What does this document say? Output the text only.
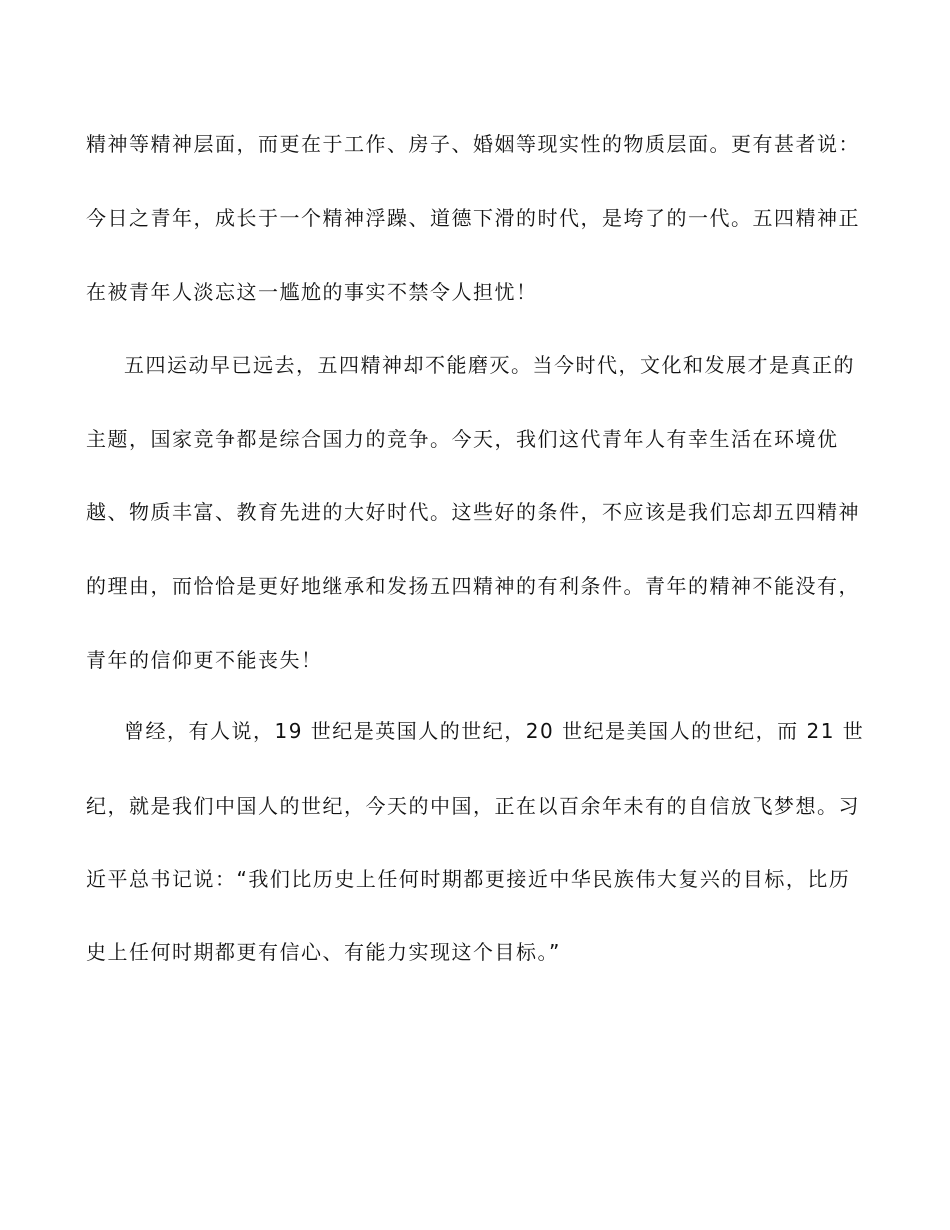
精神等精神层面，而更在于工作、房子、婚姻等现实性的物质层面。更有甚者说：
今日之青年，成长于一个精神浮躁、道德下滑的时代，是垮了的一代。五四精神正
在被青年人淡忘这一尴尬的事实不禁令人担忧！
五四运动早已远去，五四精神却不能磨灭。当今时代，文化和发展才是真正的
主题，国家竞争都是综合国力的竞争。今天，我们这代青年人有幸生活在环境优
越、物质丰富、教育先进的大好时代。这些好的条件，不应该是我们忘却五四精神
的理由，而恰恰是更好地继承和发扬五四精神的有利条件。青年的精神不能没有，
青年的信仰更不能丧失！
曾经，有人说，19 世纪是英国人的世纪，20 世纪是美国人的世纪，而 21 世
纪，就是我们中国人的世纪，今天的中国，正在以百余年未有的自信放飞梦想。习
近平总书记说：“我们比历史上任何时期都更接近中华民族伟大复兴的目标，比历
史上任何时期都更有信心、有能力实现这个目标。”
